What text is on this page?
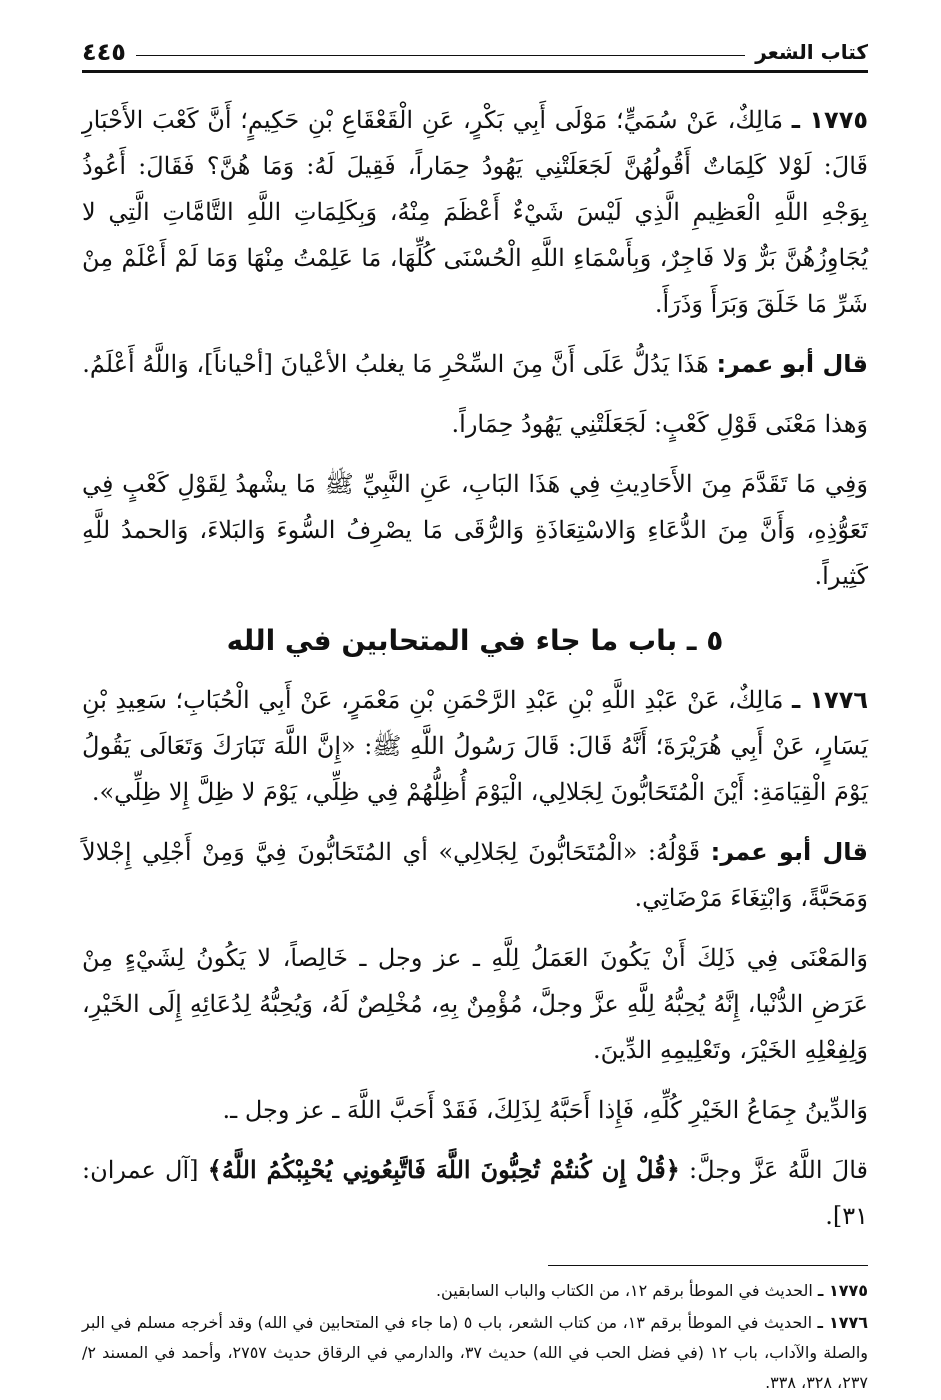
كتاب الشعر
٤٤٥

١٧٧٥ ـ مَالِكٌ، عَنْ سُمَيٍّ؛ مَوْلَى أَبِي بَكْرٍ، عَنِ الْقَعْقَاعِ بْنِ حَكِيمٍ؛ أَنَّ كَعْبَ الأَحْبَارِ قَالَ: لَوْلا كَلِمَاتٌ أَقُولُهُنَّ لَجَعَلَتْنِي يَهُودُ حِمَاراً، فَقِيلَ لَهُ: وَمَا هُنَّ؟ فَقَالَ: أَعُوذُ بِوَجْهِ اللَّهِ الْعَظِيمِ الَّذِي لَيْسَ شَيْءٌ أَعْظَمَ مِنْهُ، وَبِكَلِمَاتِ اللَّهِ التَّامَّاتِ الَّتِي لا يُجَاوِزُهُنَّ بَرٌّ وَلا فَاجِرٌ، وَبِأَسْمَاءِ اللَّهِ الْحُسْنَى كُلِّهَا، مَا عَلِمْتُ مِنْهَا وَمَا لَمْ أَعْلَمْ مِنْ شَرِّ مَا خَلَقَ وَبَرَأَ وَذَرَأَ.

قال أبو عمر: هَذَا يَدُلُّ عَلَى أَنَّ مِنَ السِّحْرِ مَا يغلبُ الأعْيانَ [أحْياناً]، وَاللَّهُ أَعْلَمُ.

وَهذا مَعْنَى قَوْلِ كَعْبٍ: لَجَعَلَتْنِي يَهُودُ حِمَاراً.

وَفِي مَا تَقَدَّمَ مِنَ الأَحَادِيثِ فِي هَذَا البَابِ، عَنِ النَّبِيِّ ﷺ مَا يشْهدُ لِقَوْلِ كَعْبٍ فِي تَعَوُّذِهِ، وَأَنَّ مِنَ الدُّعَاءِ وَالاسْتِعَاذَةِ وَالرُّقَى مَا يصْرِفُ السُّوءَ وَالبَلاءَ، وَالحمدُ للَّهِ كَثِيراً.

٥ ـ باب ما جاء في المتحابين في الله

١٧٧٦ ـ مَالِكٌ، عَنْ عَبْدِ اللَّهِ بْنِ عَبْدِ الرَّحْمَنِ بْنِ مَعْمَرٍ، عَنْ أَبِي الْحُبَابِ؛ سَعِيدِ بْنِ يَسَارٍ، عَنْ أَبِي هُرَيْرَةَ؛ أَنَّهُ قَالَ: قَالَ رَسُولُ اللَّهِ ﷺ: «إِنَّ اللَّهَ تَبَارَكَ وَتَعَالَى يَقُولُ يَوْمَ الْقِيَامَةِ: أَيْنَ الْمُتَحَابُّونَ لِجَلالِي، الْيَوْمَ أُظِلُّهُمْ فِي ظِلِّي، يَوْمَ لا ظِلَّ إِلا ظِلِّي».

قال أبو عمر: قَوْلُهُ: «الْمُتَحَابُّونَ لِجَلالِي» أي المُتَحَابُّونَ فِيَّ وَمِنْ أَجْلِي إِجْلالاً وَمَحَبَّةً، وَابْتِغَاءَ مَرْضَاتِي.

وَالمَعْنَى فِي ذَلِكَ أَنْ يَكُونَ العَمَلُ لِلَّهِ ـ عز وجل ـ خَالِصاً، لا يَكُونُ لِشَيْءٍ مِنْ عَرَضِ الدُّنْيا، إِنَّهُ يُحِبُّهُ لِلَّهِ عزَّ وجلَّ، مُؤْمِنٌ بِهِ، مُخْلِصٌ لَهُ، وَيُحِبُّهُ لِدُعَائِهِ إِلَى الخَيْرِ، وَلِفِعْلِهِ الخَيْرَ، وتَعْلِيمِهِ الدِّينَ.

وَالدِّينُ جِمَاعُ الخَيْرِ كُلِّهِ، فَإِذا أَحَبَّهُ لِذَلِكَ، فَقَدْ أَحَبَّ اللَّهَ ـ عز وجل ـ.

قالَ اللَّهُ عَزَّ وجلَّ: ﴿قُلْ إِن كُنتُمْ تُحِبُّونَ اللَّهَ فَاتَّبِعُونِي يُحْبِبْكُمُ اللَّهُ﴾ [آل عمران: ٣١].

١٧٧٥ ـ الحديث في الموطأ برقم ١٢، من الكتاب والباب السابقين.

١٧٧٦ ـ الحديث في الموطأ برقم ١٣، من كتاب الشعر، باب ٥ (ما جاء في المتحابين في الله) وقد أخرجه مسلم في البر والصلة والآداب، باب ١٢ (في فضل الحب في الله) حديث ٣٧، والدارمي في الرقاق حديث ٢٧٥٧، وأحمد في المسند ٢/ ٢٣٧، ٣٢٨، ٣٣٨.
